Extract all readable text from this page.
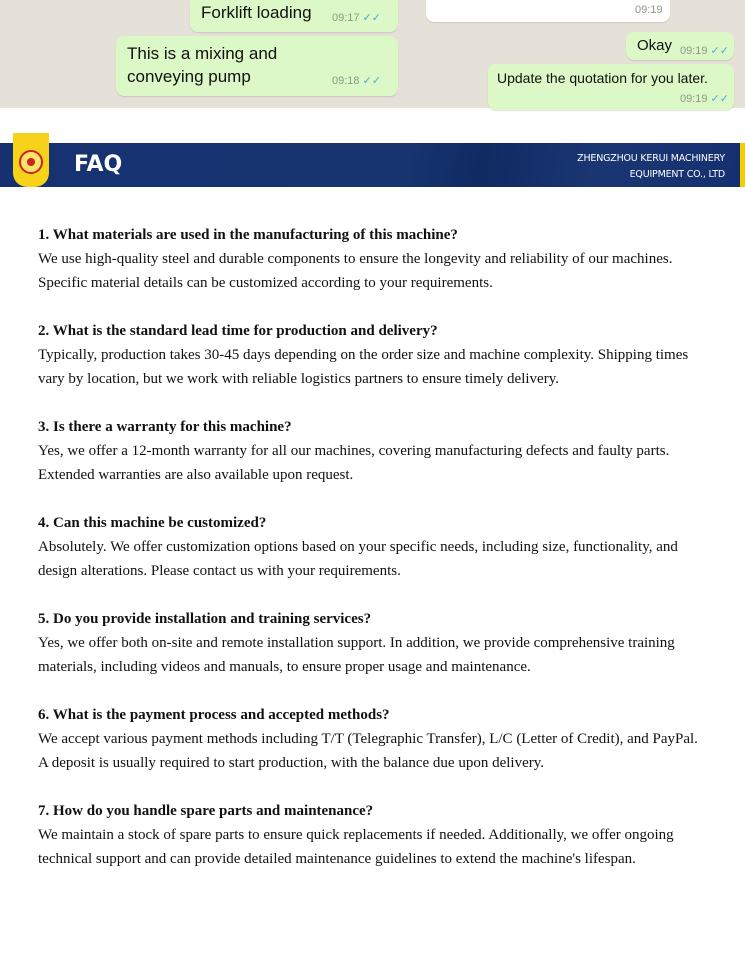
Forklift loading 09:17 ✓✓
This is a mixing and conveying pump	09:18 ✓✓
09:19
Okay 09:19 ✓✓
Update the quotation for you later.
09:19 ✓✓
FAQ	ZHENGZHOU KERUI MACHINERY
EQUIPMENT CO., LTD
1. What materials are used in the manufacturing of this machine?
We use high-quality steel and durable components to ensure the longevity and reliability of our machines. Specific material details can be customized according to your requirements.
2. What is the standard lead time for production and delivery?
Typically, production takes 30-45 days depending on the order size and machine complexity. Shipping times vary by location, but we work with reliable logistics partners to ensure timely delivery.
3. Is there a warranty for this machine?
Yes, we offer a 12-month warranty for all our machines, covering manufacturing defects and faulty parts. Extended warranties are also available upon request.
4. Can this machine be customized?
Absolutely. We offer customization options based on your specific needs, including size, functionality, and design alterations. Please contact us with your requirements.
5. Do you provide installation and training services?
Yes, we offer both on-site and remote installation support. In addition, we provide comprehensive training materials, including videos and manuals, to ensure proper usage and maintenance.
6. What is the payment process and accepted methods?
We accept various payment methods including T/T (Telegraphic Transfer), L/C (Letter of Credit), and PayPal. A deposit is usually required to start production, with the balance due upon delivery.
7. How do you handle spare parts and maintenance?
We maintain a stock of spare parts to ensure quick replacements if needed. Additionally, we offer ongoing technical support and can provide detailed maintenance guidelines to extend the machine's lifespan.
